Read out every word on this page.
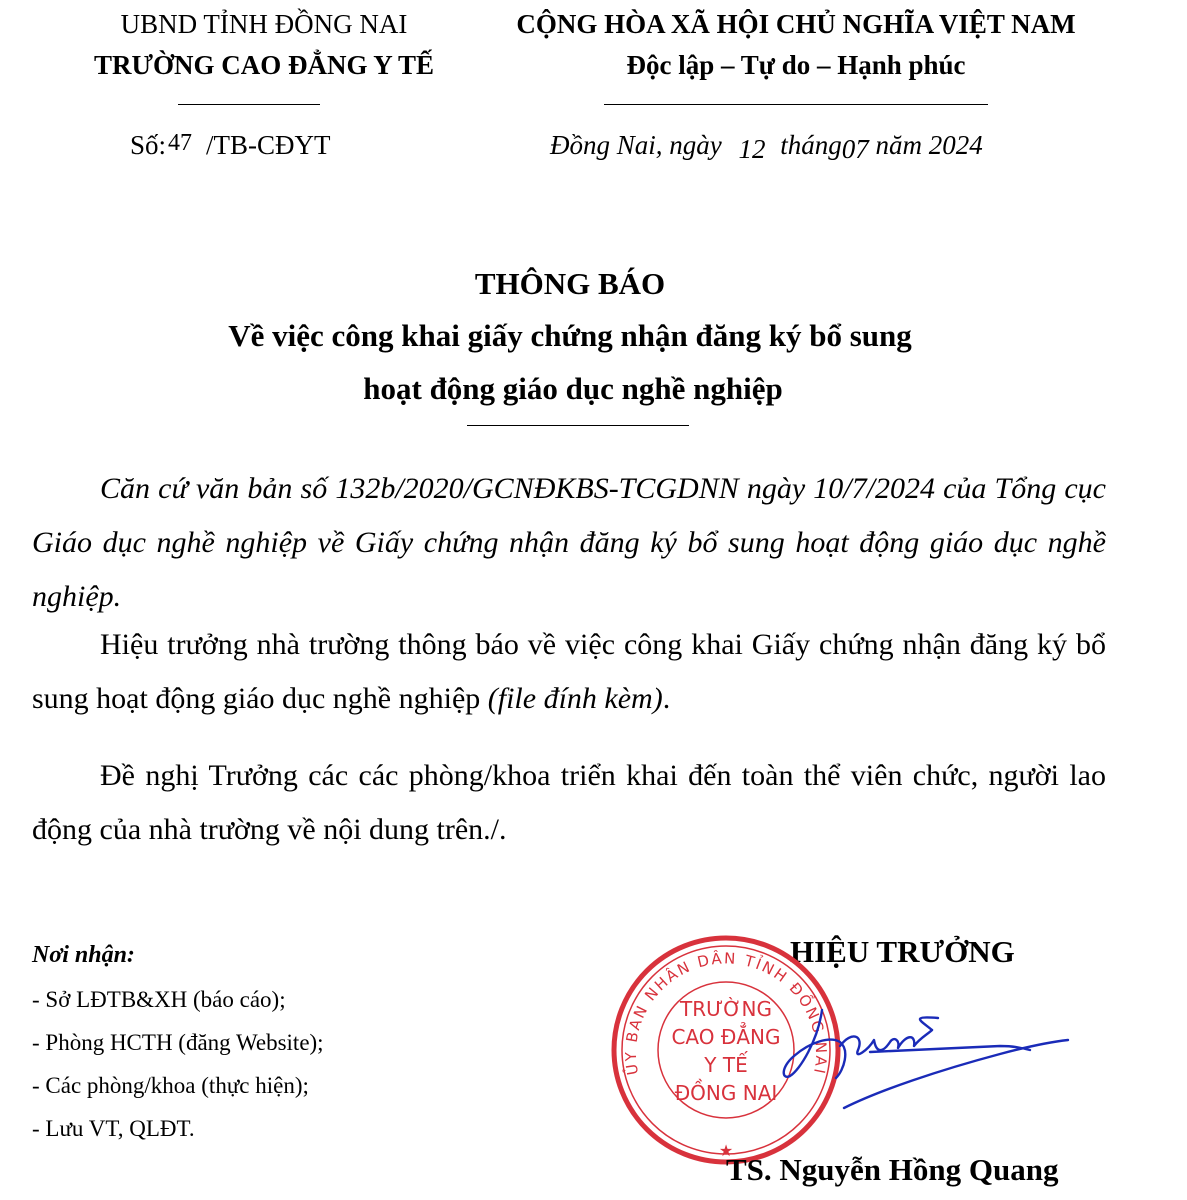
UBND TỈNH ĐỒNG NAI
TRƯỜNG CAO ĐẲNG Y TẾ
CỘNG HÒA XÃ HỘI CHỦ NGHĨA VIỆT NAM
Độc lập – Tự do – Hạnh phúc
Số:47 /TB-CĐYT	Đồng Nai, ngày 12 tháng07 năm 2024
THÔNG BÁO
Về việc công khai giấy chứng nhận đăng ký bổ sung
hoạt động giáo dục nghề nghiệp
Căn cứ văn bản số 132b/2020/GCNĐKBS-TCGDNN ngày 10/7/2024 của Tổng cục Giáo dục nghề nghiệp về Giấy chứng nhận đăng ký bổ sung hoạt động giáo dục nghề nghiệp.
Hiệu trưởng nhà trường thông báo về việc công khai Giấy chứng nhận đăng ký bổ sung hoạt động giáo dục nghề nghiệp (file đính kèm).
Đề nghị Trưởng các các phòng/khoa triển khai đến toàn thể viên chức, người lao động của nhà trường về nội dung trên./.
Nơi nhận:
- Sở LĐTB&XH (báo cáo);
- Phòng HCTH (đăng Website);
- Các phòng/khoa (thực hiện);
- Lưu VT, QLĐT.
HIỆU TRƯỞNG
ỦY BAN NHÂN DÂN TỈNH ĐỒNG NAI
TRƯỜNG
CAO ĐẲNG
Y TẾ
ĐỒNG NAI
★
TS. Nguyễn Hồng Quang
